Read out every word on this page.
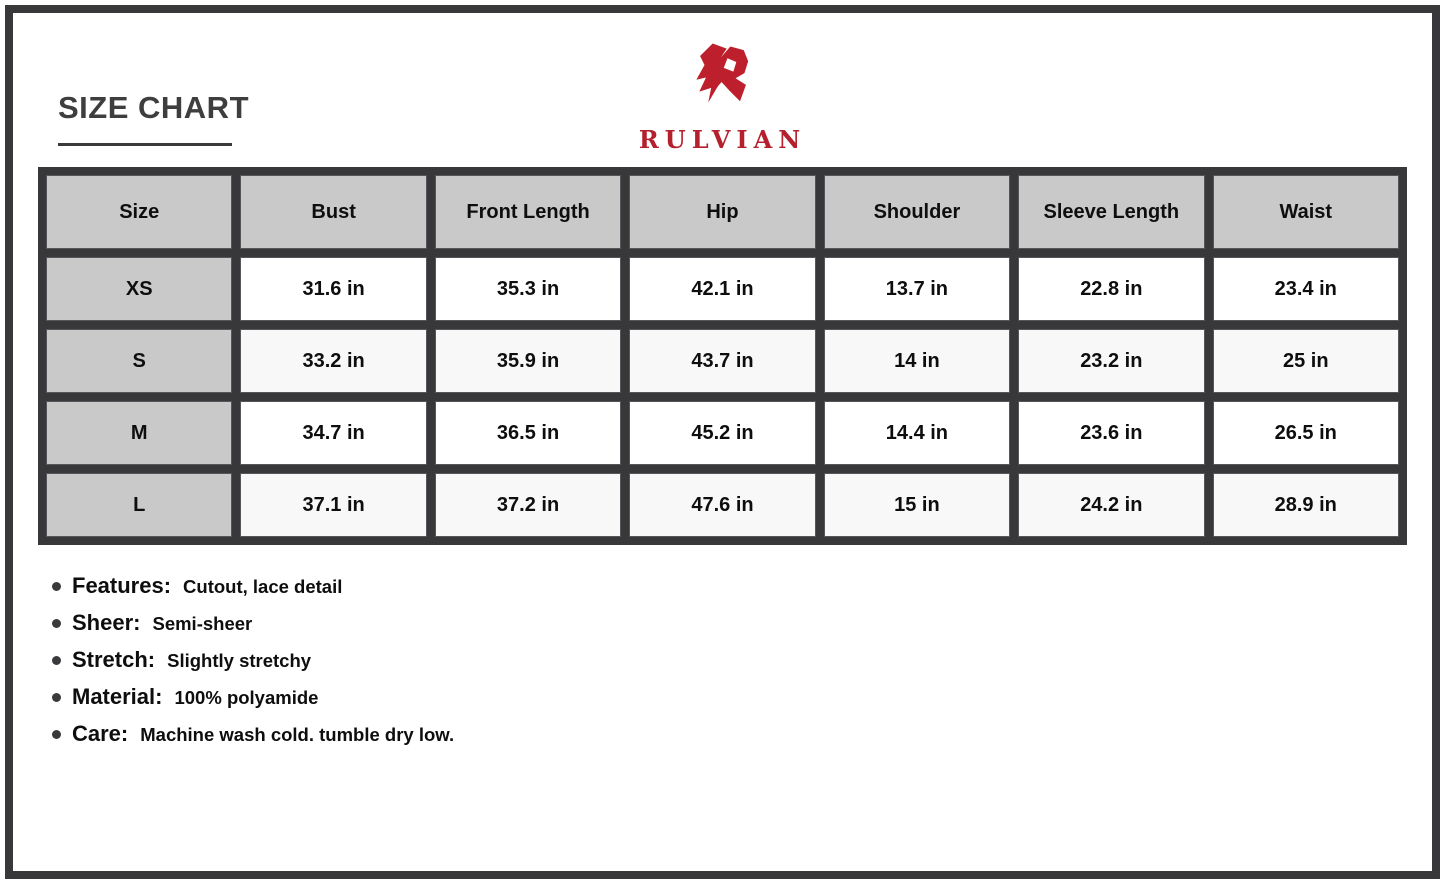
SIZE CHART
RULVIAN
Size	Bust	Front Length	Hip	Shoulder	Sleeve Length	Waist
XS	31.6 in	35.3 in	42.1 in	13.7 in	22.8 in	23.4 in
S	33.2 in	35.9 in	43.7 in	14 in	23.2 in	25 in
M	34.7 in	36.5 in	45.2 in	14.4 in	23.6 in	26.5 in
L	37.1 in	37.2 in	47.6 in	15 in	24.2 in	28.9 in
Features: Cutout, lace detail
Sheer: Semi-sheer
Stretch: Slightly stretchy
Material: 100% polyamide
Care: Machine wash cold. tumble dry low.
